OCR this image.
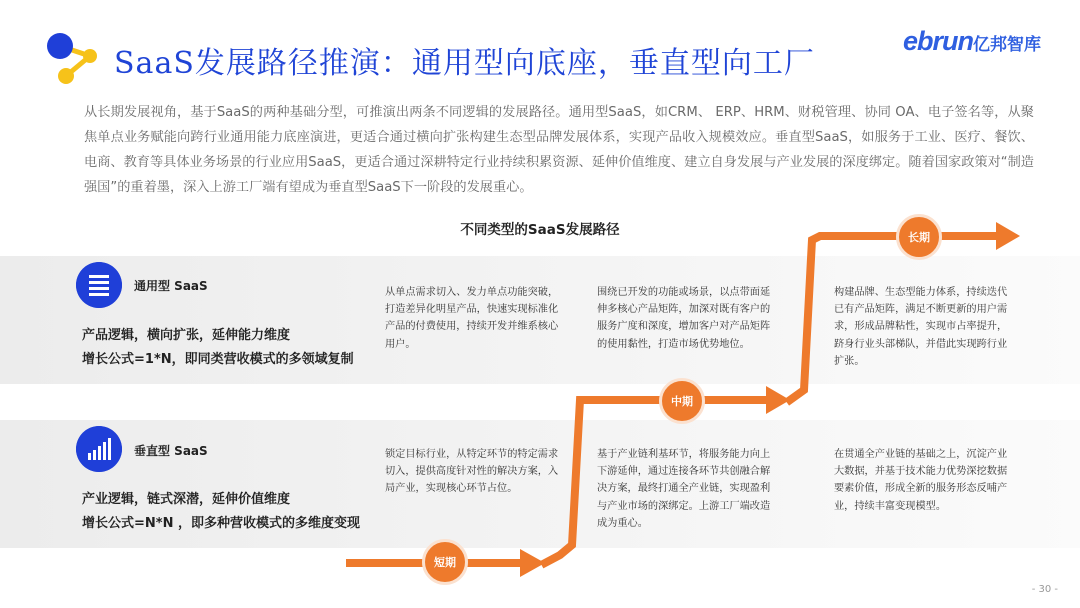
SaaS发展路径推演：通用型向底座，垂直型向工厂
ebrun亿邦智库
从长期发展视角，基于SaaS的两种基础分型，可推演出两条不同逻辑的发展路径。通用型SaaS，如CRM、 ERP、HRM、财税管理、协同 OA、电子签名等，从聚焦单点业务赋能向跨行业通用能力底座演进，更适合通过横向扩张构建生态型品牌发展体系，实现产品收入规模效应。垂直型SaaS，如服务于工业、医疗、餐饮、电商、教育等具体业务场景的行业应用SaaS，更适合通过深耕特定行业持续积累资源、延伸价值维度、建立自身发展与产业发展的深度绑定。随着国家政策对“制造强国”的重着墨，深入上游工厂端有望成为垂直型SaaS下一阶段的发展重心。
不同类型的SaaS发展路径
短期
中期
长期
通用型 SaaS
产品逻辑，横向扩张，延伸能力维度
增长公式=1*N，即同类营收模式的多领域复制
从单点需求切入、发力单点功能突破，打造差异化明星产品，快速实现标准化产品的付费使用，持续开发并维系核心用户。
围绕已开发的功能或场景，以点带面延伸多核心产品矩阵，加深对既有客户的服务广度和深度，增加客户对产品矩阵的使用黏性，打造市场优势地位。
构建品牌、生态型能力体系，持续迭代已有产品矩阵，满足不断更新的用户需求，形成品牌粘性，实现市占率提升，跻身行业头部梯队，并借此实现跨行业扩张。
垂直型 SaaS
产业逻辑，链式深潜，延伸价值维度
增长公式=N*N ，即多种营收模式的多维度变现
锁定目标行业，从特定环节的特定需求切入，提供高度针对性的解决方案，入局产业，实现核心环节占位。
基于产业链利基环节，将服务能力向上下游延伸，通过连接各环节共创融合解决方案，最终打通全产业链，实现盈利与产业市场的深绑定。上游工厂端改造成为重心。
在贯通全产业链的基础之上，沉淀产业大数据，并基于技术能力优势深挖数据要素价值，形成全新的服务形态反哺产业，持续丰富变现模型。
- 30 -
